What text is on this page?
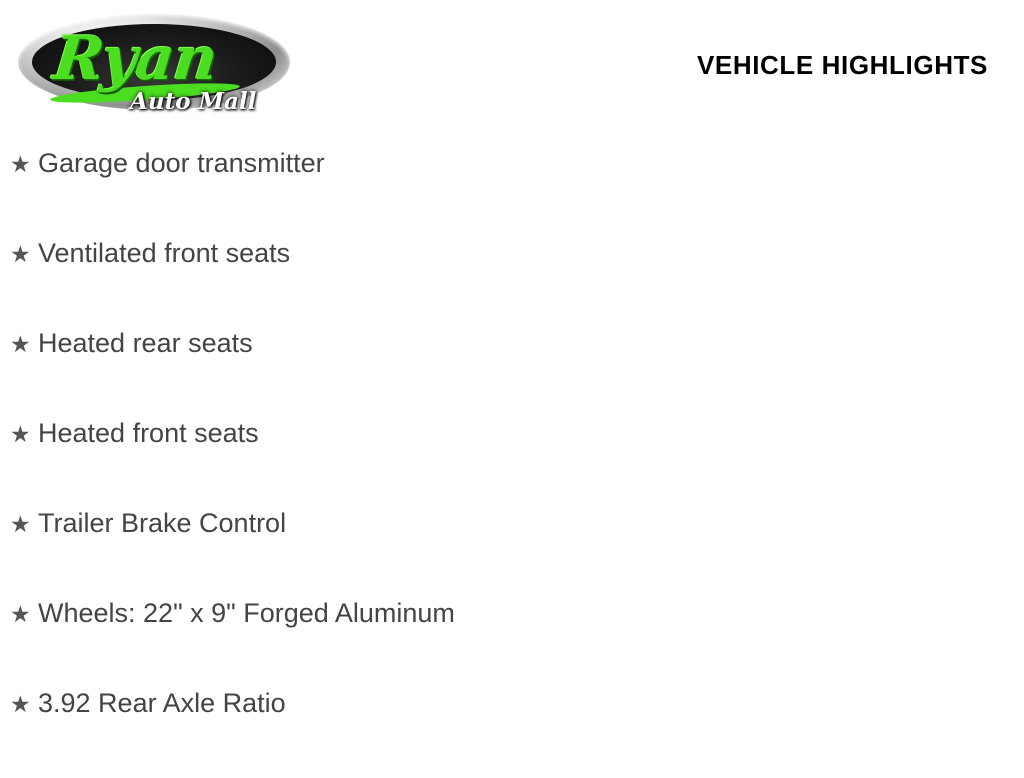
Ryan
Auto Mall
VEHICLE HIGHLIGHTS
★ Garage door transmitter
★ Ventilated front seats
★ Heated rear seats
★ Heated front seats
★ Trailer Brake Control
★ Wheels: 22" x 9" Forged Aluminum
★ 3.92 Rear Axle Ratio
